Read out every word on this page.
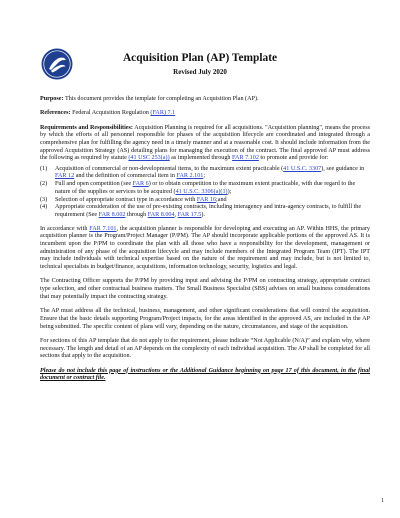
Acquisition Plan (AP) Template
Revised July 2020

Purpose: This document provides the template for completing an Acquisition Plan (AP).

References: Federal Acquisition Regulation (FAR) 7.1

Requirements and Responsibilities: Acquisition Planning is required for all acquisitions. "Acquisition planning", means the process by which the efforts of all personnel responsible for phases of the acquisition lifecycle are coordinated and integrated through a comprehensive plan for fulfilling the agency need in a timely manner and at a reasonable cost. It should include information from the approved Acquisition Strategy (AS) detailing plans for managing the execution of the contract. The final approved AP must address the following as required by statute (41 USC 253(a)) as implemented through FAR 7.102 to promote and provide for:

(1) Acquisition of commercial or non-developmental items, to the maximum extent practicable (41 U.S.C. 3307), see guidance in FAR 12 and the definition of commercial item in FAR 2.101;
(2) Full and open competition (see FAR 6) or to obtain competition to the maximum extent practicable, with due regard to the nature of the supplies or services to be acquired (41 U.S.C. 3306(a)(1));
(3) Selection of appropriate contract type in accordance with FAR 16;and
(4) Appropriate consideration of the use of pre-existing contracts, including interagency and intra-agency contracts, to fulfill the requirement (See FAR 8.002 through FAR 8.004, FAR 17.5).

In accordance with FAR 7.101, the acquisition planner is responsible for developing and executing an AP. Within HHS, the primary acquisition planner is the Program/Project Manager (P/PM). The AP should incorporate applicable portions of the approved AS. It is incumbent upon the P/PM to coordinate the plan with all those who have a responsibility for the development, management or administration of any phase of the acquisition lifecycle and may include members of the Integrated Program Team (IPT). The IPT may include individuals with technical expertise based on the nature of the requirement and may include, but is not limited to, technical specialists in budget/finance, acquisitions, information technology, security, logistics and legal.

The Contracting Officer supports the P/PM by providing input and advising the P/PM on contracting strategy, appropriate contract type selection, and other contractual business matters. The Small Business Specialist (SBS) advises on small business considerations that may potentially impact the contracting strategy.

The AP must address all the technical, business, management, and other significant considerations that will control the acquisition. Ensure that the basic details supporting Program/Project impacts, for the areas identified in the approved AS, are included in the AP being submitted. The specific content of plans will vary, depending on the nature, circumstances, and stage of the acquisition.

For sections of this AP template that do not apply to the requirement, please indicate “Not Applicable (N/A)” and explain why, where necessary. The length and detail of an AP depends on the complexity of each individual acquisition. The AP shall be completed for all sections that apply to the acquisition.

Please do not include this page of instructions or the Additional Guidance beginning on page 17 of this document, in the final document or contract file.

1
